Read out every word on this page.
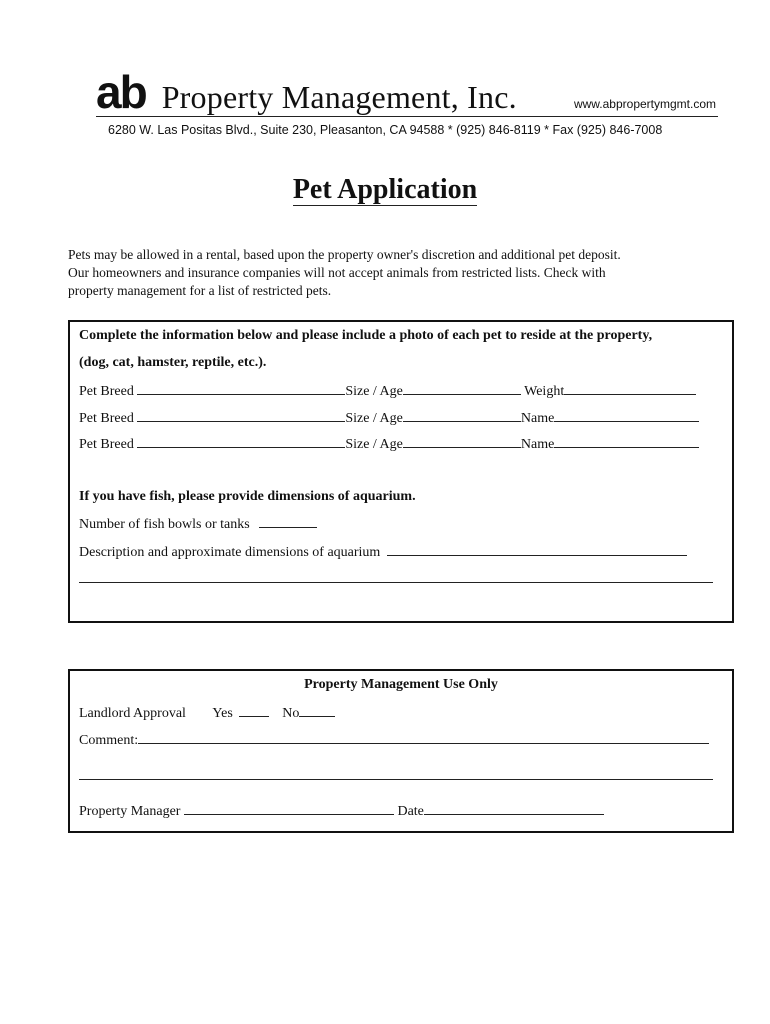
ab Property Management, Inc.	www.abpropertymgmt.com
6280 W. Las Positas Blvd., Suite 230, Pleasanton, CA 94588 * (925) 846-8119 * Fax (925) 846-7008
Pet Application
Pets may be allowed in a rental, based upon the property owner's discretion and additional pet deposit.
Our homeowners and insurance companies will not accept animals from restricted lists. Check with
property management for a list of restricted pets.
Complete the information below and please include a photo of each pet to reside at the property,
(dog, cat, hamster, reptile, etc.).
Pet Breed	Size / Age	Weight
Pet Breed	Size / Age	Name
Pet Breed	Size / Age	Name
If you have fish, please provide dimensions of aquarium.
Number of fish bowls or tanks
Description and approximate dimensions of aquarium
Property Management Use Only
Landlord Approval Yes	No
Comment:
Property Manager	Date
